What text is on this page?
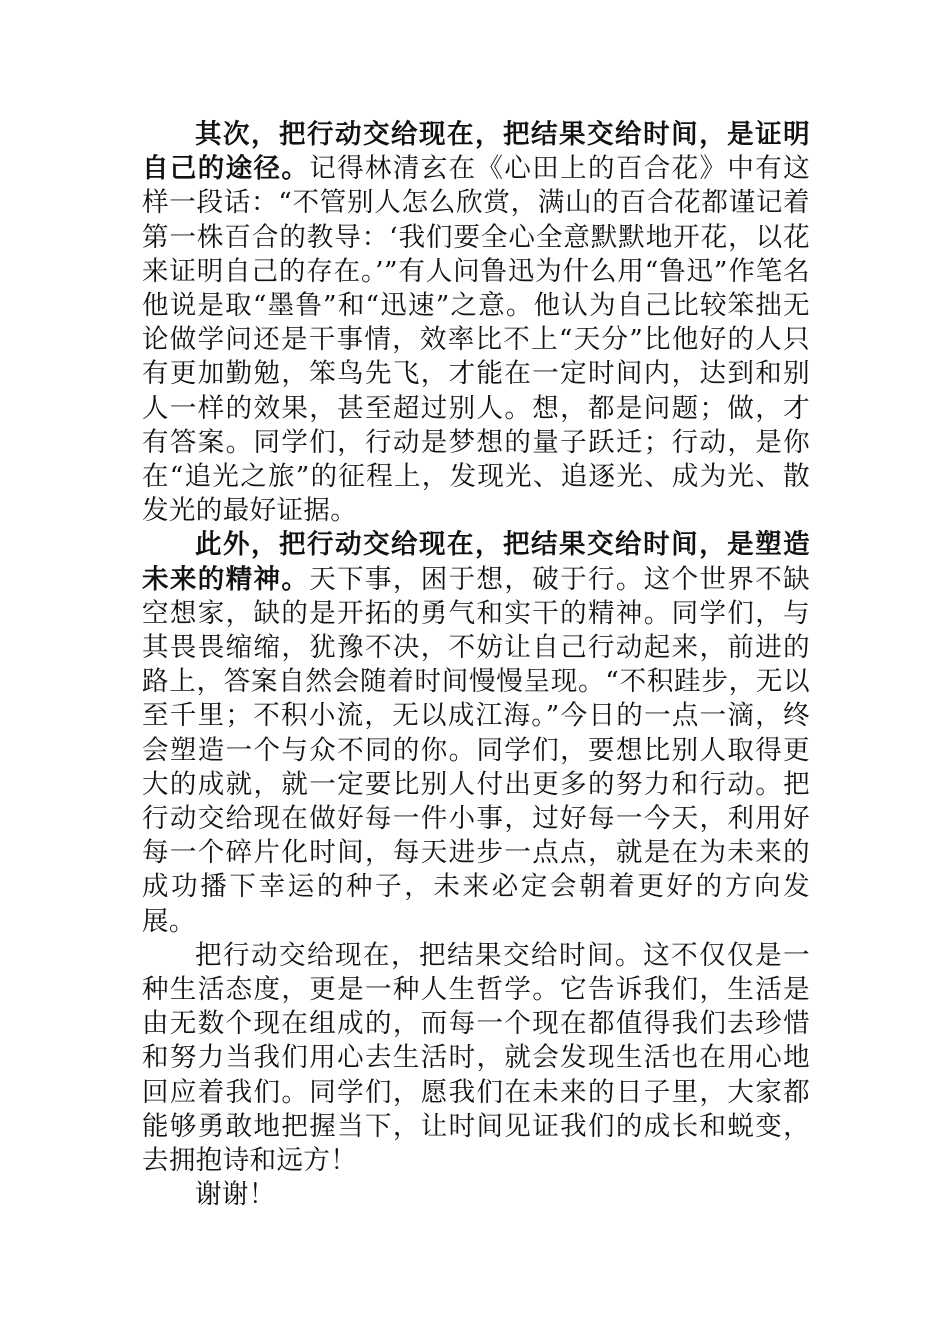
其次，把行动交给现在，把结果交给时间，是证明自己的途径。记得林清玄在《心田上的百合花》中有这样一段话：“不管别人怎么欣赏，满山的百合花都谨记着第一株百合的教导：‘我们要全心全意默默地开花，以花来证明自己的存在。’”有人问鲁迅为什么用“鲁迅”作笔名他说是取“墨鲁”和“迅速”之意。他认为自己比较笨拙无论做学问还是干事情，效率比不上“天分”比他好的人只有更加勤勉，笨鸟先飞，才能在一定时间内，达到和别人一样的效果，甚至超过别人。想，都是问题；做，才有答案。同学们，行动是梦想的量子跃迁；行动，是你在“追光之旅”的征程上，发现光、追逐光、成为光、散发光的最好证据。

此外，把行动交给现在，把结果交给时间，是塑造未来的精神。天下事，困于想，破于行。这个世界不缺空想家，缺的是开拓的勇气和实干的精神。同学们，与其畏畏缩缩，犹豫不决，不妨让自己行动起来，前进的路上，答案自然会随着时间慢慢呈现。“不积跬步，无以至千里；不积小流，无以成江海。”今日的一点一滴，终会塑造一个与众不同的你。同学们，要想比别人取得更大的成就，就一定要比别人付出更多的努力和行动。把行动交给现在做好每一件小事，过好每一今天，利用好每一个碎片化时间，每天进步一点点，就是在为未来的成功播下幸运的种子，未来必定会朝着更好的方向发展。

把行动交给现在，把结果交给时间。这不仅仅是一种生活态度，更是一种人生哲学。它告诉我们，生活是由无数个现在组成的，而每一个现在都值得我们去珍惜和努力当我们用心去生活时，就会发现生活也在用心地回应着我们。同学们，愿我们在未来的日子里，大家都能够勇敢地把握当下，让时间见证我们的成长和蜕变，去拥抱诗和远方！

谢谢！
